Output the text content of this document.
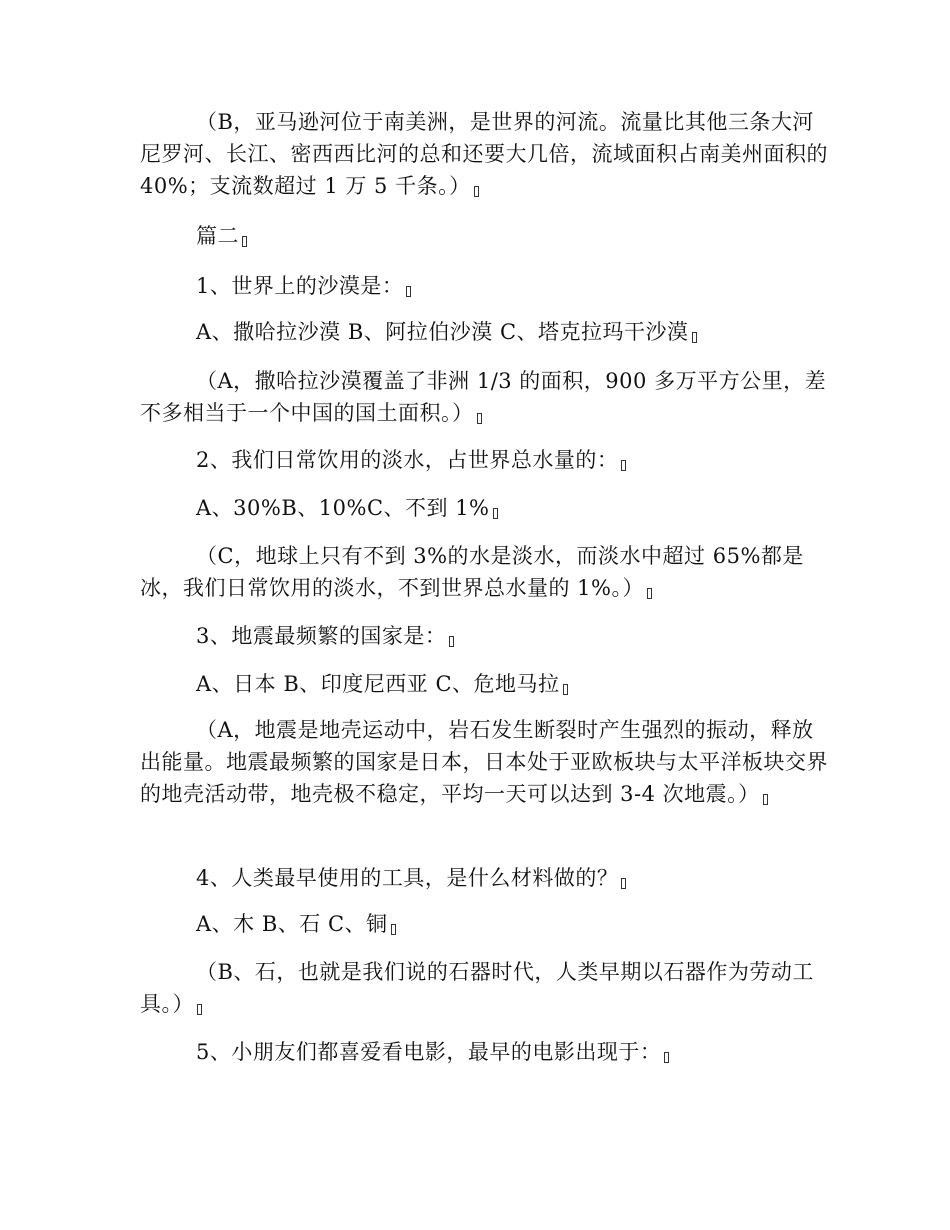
（B，亚马逊河位于南美洲，是世界的河流。流量比其他三条大河尼罗河、长江、密西西比河的总和还要大几倍，流域面积占南美州面积的 40%；支流数超过 1 万 5 千条。）
篇二
1、世界上的沙漠是：
A、撒哈拉沙漠 B、阿拉伯沙漠 C、塔克拉玛干沙漠
（A，撒哈拉沙漠覆盖了非洲 1/3 的面积，900 多万平方公里，差不多相当于一个中国的国土面积。）
2、我们日常饮用的淡水，占世界总水量的：
A、30%B、10%C、不到 1%
（C，地球上只有不到 3%的水是淡水，而淡水中超过 65%都是冰，我们日常饮用的淡水，不到世界总水量的 1%。）
3、地震最频繁的国家是：
A、日本 B、印度尼西亚 C、危地马拉
（A，地震是地壳运动中，岩石发生断裂时产生强烈的振动，释放出能量。地震最频繁的国家是日本，日本处于亚欧板块与太平洋板块交界的地壳活动带，地壳极不稳定，平均一天可以达到 3-4 次地震。）
4、人类最早使用的工具，是什么材料做的？
A、木 B、石 C、铜
（B、石，也就是我们说的石器时代，人类早期以石器作为劳动工具。）
5、小朋友们都喜爱看电影，最早的电影出现于：
